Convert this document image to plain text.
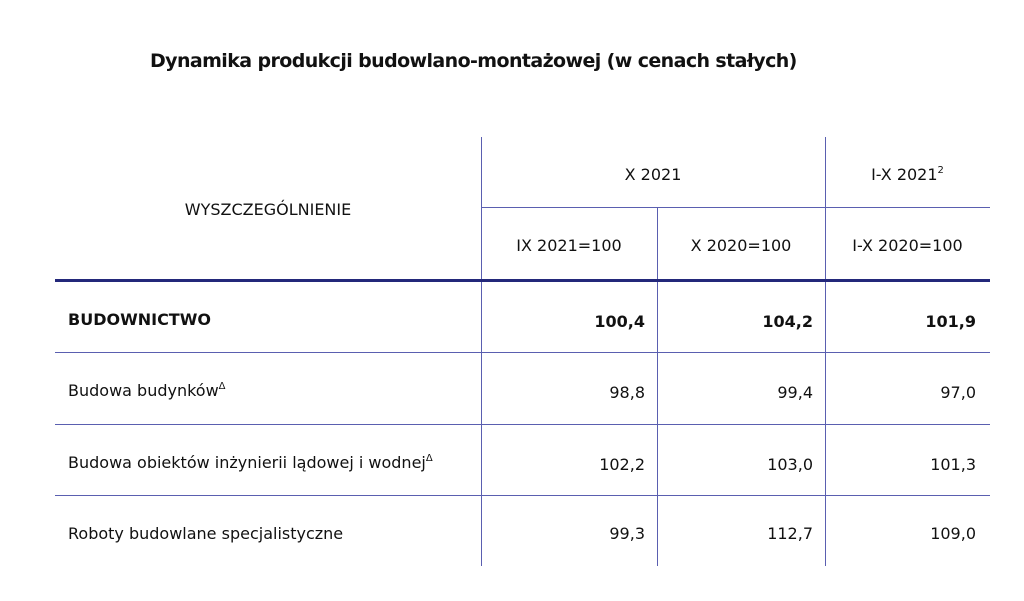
Dynamika produkcji budowlano-montażowej (w cenach stałych)
WYSZCZEGÓLNIENIE
X 2021	I-X 2021$^2$
IX 2021=100	X 2020=100	I-X 2020=100
BUDOWNICTWO	100,4	104,2	101,9
Budowa budynków$^\Delta$	98,8	99,4	97,0
Budowa obiektów inżynierii lądowej i wodnej$^\Delta$	102,2	103,0	101,3
Roboty budowlane specjalistyczne	99,3	112,7	109,0
